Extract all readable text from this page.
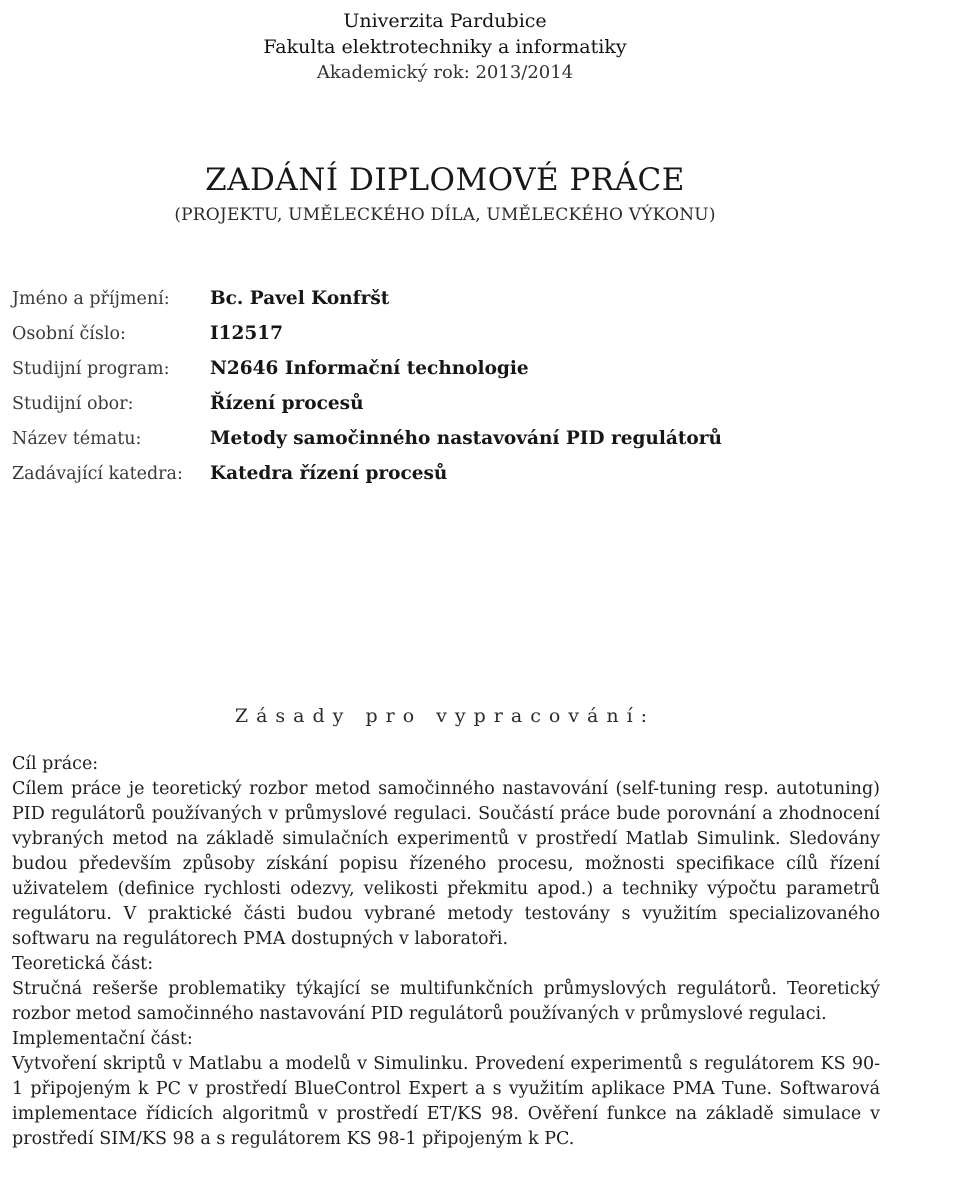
Univerzita Pardubice
Fakulta elektrotechniky a informatiky
Akademický rok: 2013/2014
ZADÁNÍ DIPLOMOVÉ PRÁCE
(PROJEKTU, UMĚLECKÉHO DÍLA, UMĚLECKÉHO VÝKONU)
Jméno a příjmení:	Bc. Pavel Konfršt
Osobní číslo:	I12517
Studijní program:	N2646 Informační technologie
Studijní obor:	Řízení procesů
Název tématu:	Metody samočinného nastavování PID regulátorů
Zadávající katedra:	Katedra řízení procesů
Zásady pro vypracování:

Cíl práce:

Cílem práce je teoretický rozbor metod samočinného nastavování (self-tuning resp. autotuning) PID regulátorů používaných v průmyslové regulaci. Součástí práce bude porovnání a zhodnocení vybraných metod na základě simulačních experimentů v prostředí Matlab Simulink. Sledovány budou především způsoby získání popisu řízeného procesu, možnosti specifikace cílů řízení uživatelem (definice rychlosti odezvy, velikosti překmitu apod.) a techniky výpočtu parametrů regulátoru. V praktické části budou vybrané metody testovány s využitím specializovaného softwaru na regulátorech PMA dostupných v laboratoři.

Teoretická část:

Stručná rešerše problematiky týkající se multifunkčních průmyslových regulátorů. Teoretický rozbor metod samočinného nastavování PID regulátorů používaných v průmyslové regulaci.

Implementační část:

Vytvoření skriptů v Matlabu a modelů v Simulinku. Provedení experimentů s regulátorem KS 90-1 připojeným k PC v prostředí BlueControl Expert a s využitím aplikace PMA Tune. Softwarová implementace řídicích algoritmů v prostředí ET/KS 98. Ověření funkce na základě simulace v prostředí SIM/KS 98 a s regulátorem KS 98-1 připojeným k PC.
